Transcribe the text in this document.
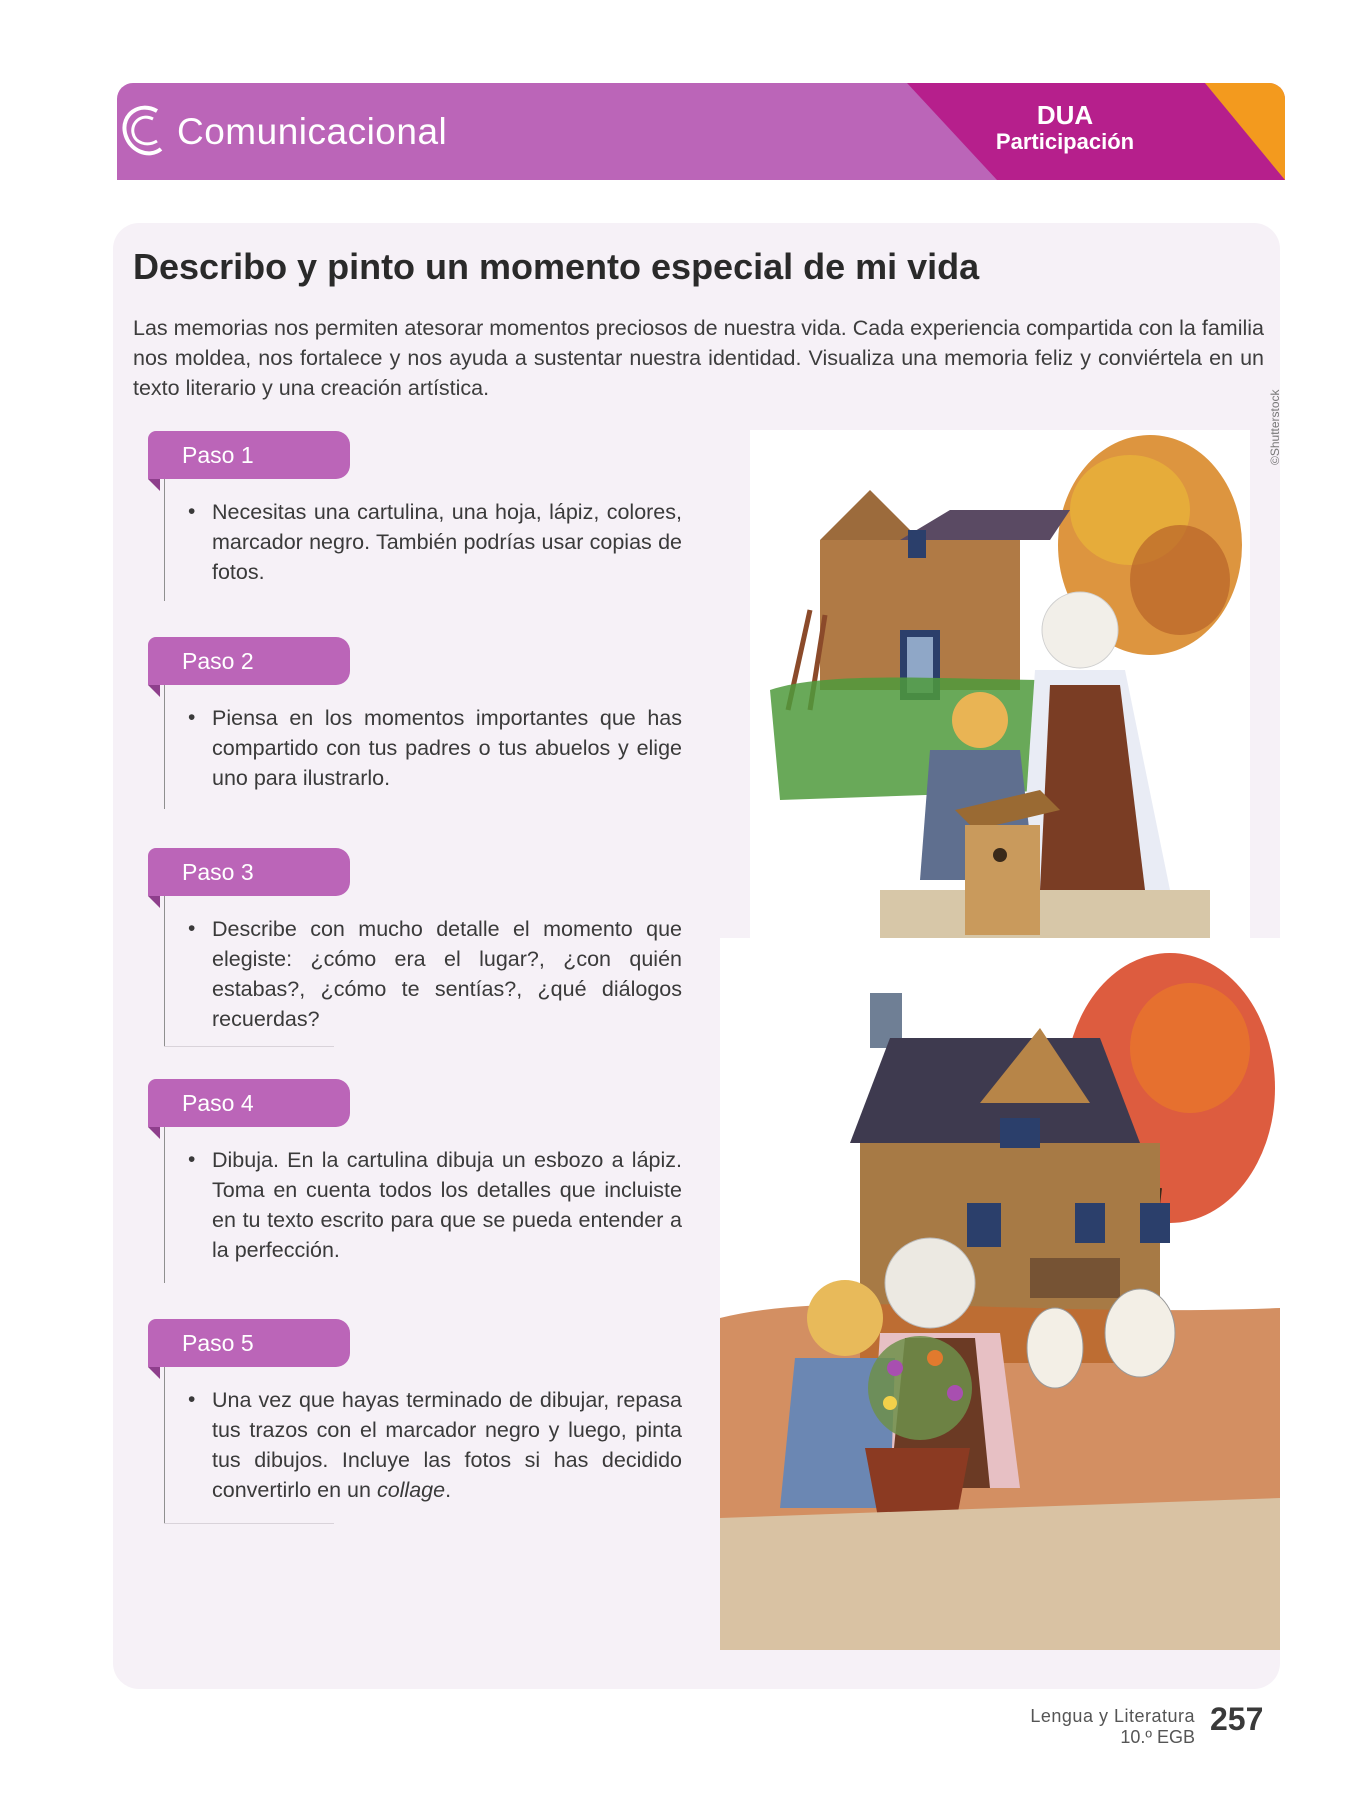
Comunicacional	DUA
Participación
Describo y pinto un momento especial de mi vida

Las memorias nos permiten atesorar momentos preciosos de nuestra vida. Cada experiencia compartida con la familia nos moldea, nos fortalece y nos ayuda a sustentar nuestra identidad. Visualiza una memoria feliz y conviértela en un texto literario y una creación artística.

Paso 1
• Necesitas una cartulina, una hoja, lápiz, colores, marcador negro. También podrías usar copias de fotos.
Paso 2
• Piensa en los momentos importantes que has compartido con tus padres o tus abuelos y elige uno para ilustrarlo.
Paso 3
• Describe con mucho detalle el momento que elegiste: ¿cómo era el lugar?, ¿con quién estabas?, ¿cómo te sentías?, ¿qué diálogos recuerdas?
Paso 4
• Dibuja. En la cartulina dibuja un esbozo a lápiz. Toma en cuenta todos los detalles que incluiste en tu texto escrito para que se pueda entender a la perfección.
Paso 5
• Una vez que hayas terminado de dibujar, repasa tus trazos con el marcador negro y luego, pinta tus dibujos. Incluye las fotos si has decidido convertirlo en un collage.
©Shutterstock
Lengua y Literatura
10.º EGB 257
